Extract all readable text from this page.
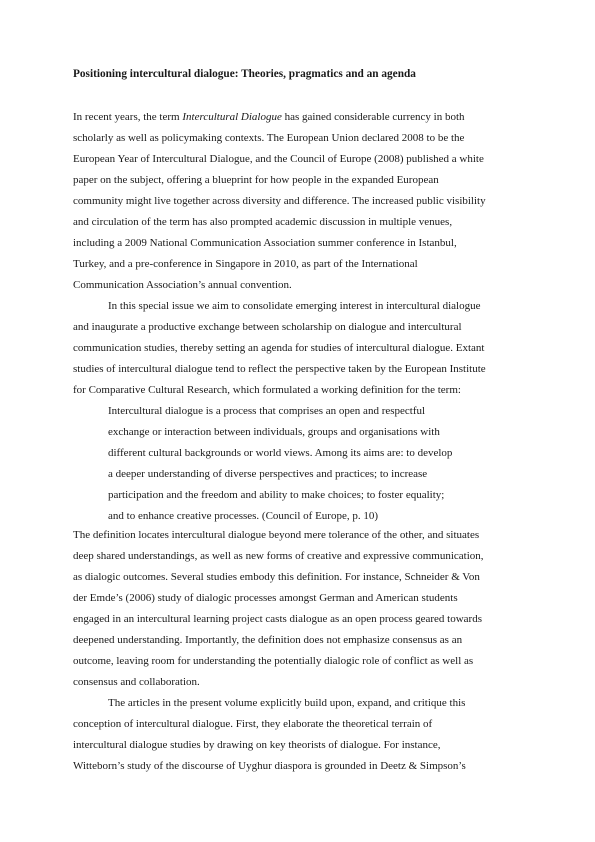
Positioning intercultural dialogue: Theories, pragmatics and an agenda
In recent years, the term Intercultural Dialogue has gained considerable currency in both
scholarly as well as policymaking contexts. The European Union declared 2008 to be the
European Year of Intercultural Dialogue, and the Council of Europe (2008) published a white
paper on the subject, offering a blueprint for how people in the expanded European
community might live together across diversity and difference. The increased public visibility
and circulation of the term has also prompted academic discussion in multiple venues,
including a 2009 National Communication Association summer conference in Istanbul,
Turkey, and a pre-conference in Singapore in 2010, as part of the International
Communication Association’s annual convention.
In this special issue we aim to consolidate emerging interest in intercultural dialogue
and inaugurate a productive exchange between scholarship on dialogue and intercultural
communication studies, thereby setting an agenda for studies of intercultural dialogue. Extant
studies of intercultural dialogue tend to reflect the perspective taken by the European Institute
for Comparative Cultural Research, which formulated a working definition for the term:
Intercultural dialogue is a process that comprises an open and respectful
exchange or interaction between individuals, groups and organisations with
different cultural backgrounds or world views. Among its aims are: to develop
a deeper understanding of diverse perspectives and practices; to increase
participation and the freedom and ability to make choices; to foster equality;
and to enhance creative processes. (Council of Europe, p. 10)
The definition locates intercultural dialogue beyond mere tolerance of the other, and situates
deep shared understandings, as well as new forms of creative and expressive communication,
as dialogic outcomes. Several studies embody this definition. For instance, Schneider & Von
der Emde’s (2006) study of dialogic processes amongst German and American students
engaged in an intercultural learning project casts dialogue as an open process geared towards
deepened understanding. Importantly, the definition does not emphasize consensus as an
outcome, leaving room for understanding the potentially dialogic role of conflict as well as
consensus and collaboration.
The articles in the present volume explicitly build upon, expand, and critique this
conception of intercultural dialogue. First, they elaborate the theoretical terrain of
intercultural dialogue studies by drawing on key theorists of dialogue. For instance,
Witteborn’s study of the discourse of Uyghur diaspora is grounded in Deetz & Simpson’s
